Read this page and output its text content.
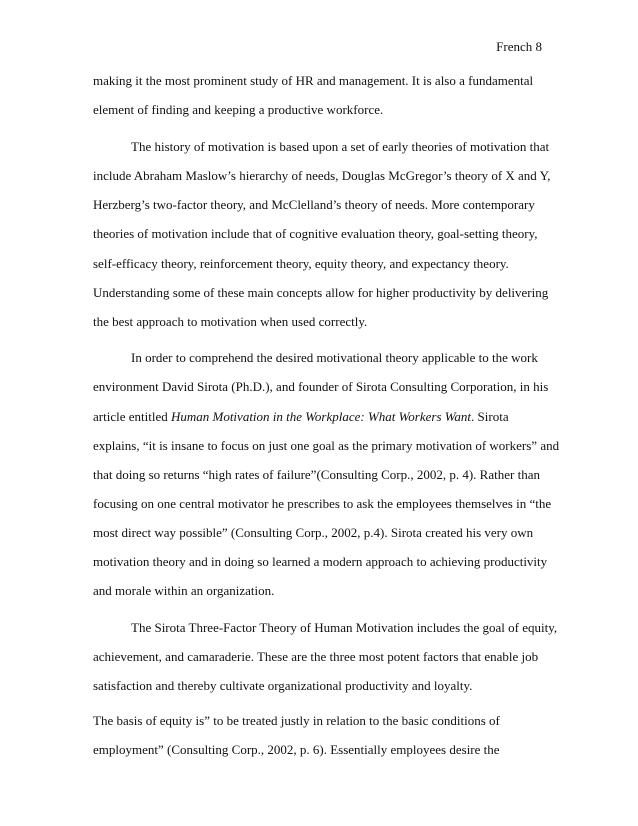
French 8
making it the most prominent study of HR and management. It is also a fundamental
element of finding and keeping a productive workforce.
The history of motivation is based upon a set of early theories of motivation that
include Abraham Maslow’s hierarchy of needs, Douglas McGregor’s theory of X and Y,
Herzberg’s two-factor theory, and McClelland’s theory of needs. More contemporary
theories of motivation include that of cognitive evaluation theory, goal-setting theory,
self-efficacy theory, reinforcement theory, equity theory, and expectancy theory.
Understanding some of these main concepts allow for higher productivity by delivering
the best approach to motivation when used correctly.
In order to comprehend the desired motivational theory applicable to the work
environment David Sirota (Ph.D.), and founder of Sirota Consulting Corporation, in his
article entitled Human Motivation in the Workplace: What Workers Want. Sirota
explains, “it is insane to focus on just one goal as the primary motivation of workers” and
that doing so returns “high rates of failure”(Consulting Corp., 2002, p. 4). Rather than
focusing on one central motivator he prescribes to ask the employees themselves in “the
most direct way possible” (Consulting Corp., 2002, p.4). Sirota created his very own
motivation theory and in doing so learned a modern approach to achieving productivity
and morale within an organization.
The Sirota Three-Factor Theory of Human Motivation includes the goal of equity,
achievement, and camaraderie. These are the three most potent factors that enable job
satisfaction and thereby cultivate organizational productivity and loyalty.
The basis of equity is” to be treated justly in relation to the basic conditions of
employment” (Consulting Corp., 2002, p. 6). Essentially employees desire the
